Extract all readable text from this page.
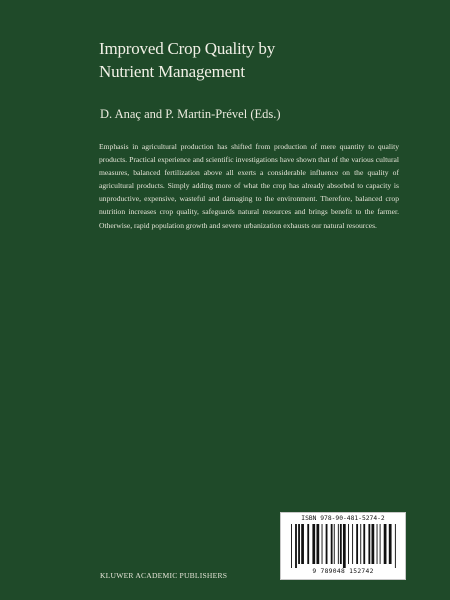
Improved Crop Quality by
Nutrient Management
D. Anaç and P. Martin-Prével (Eds.)
Emphasis in agricultural production has shifted from production of mere quantity to quality products. Practical experience and scientific investigations have shown that of the various cultural measures, balanced fertilization above all exerts a considerable influence on the quality of agricultural products. Simply adding more of what the crop has already absorbed to capacity is unproductive, expensive, wasteful and damaging to the environment. Therefore, balanced crop nutrition increases crop quality, safeguards natural resources and brings benefit to the farmer. Otherwise, rapid population growth and severe urbanization exhausts our natural resources.
KLUWER ACADEMIC PUBLISHERS
ISBN 978-90-481-5274-2
9 789048 152742
